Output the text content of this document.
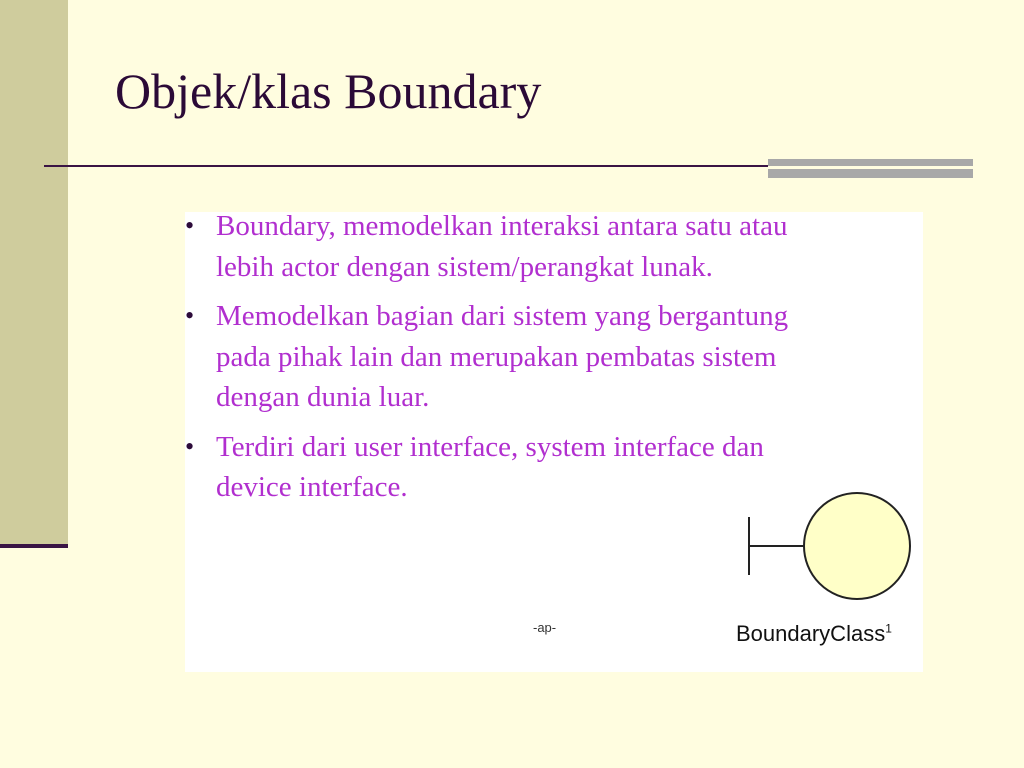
Objek/klas Boundary
• Boundary, memodelkan interaksi antara satu atau lebih actor dengan sistem/perangkat lunak.
• Memodelkan bagian dari sistem yang bergantung pada pihak lain dan merupakan pembatas sistem dengan dunia luar.
• Terdiri dari user interface, system interface dan device interface.
-ap-	BoundaryClass$^1$
